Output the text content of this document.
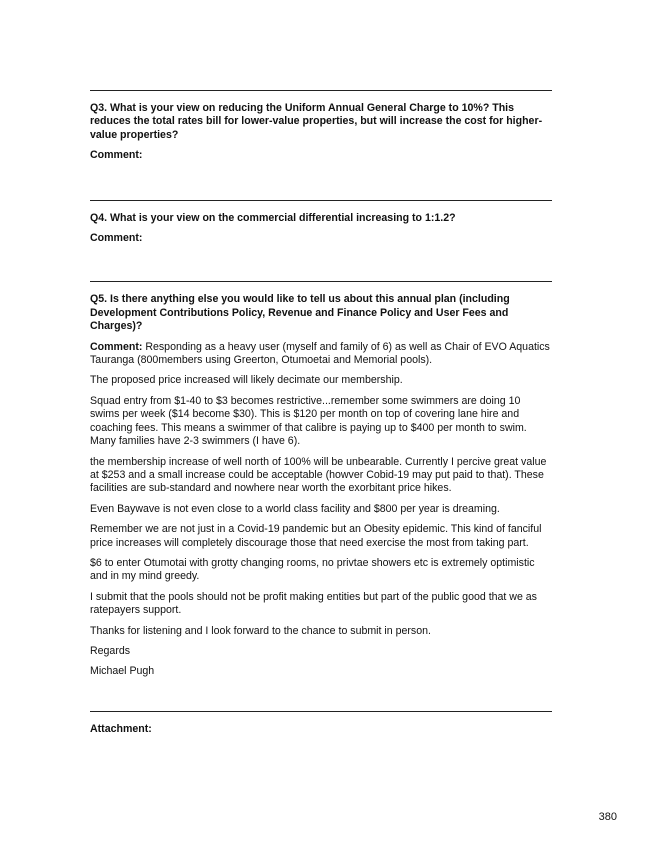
Q3. What is your view on reducing the Uniform Annual General Charge to 10%? This reduces the total rates bill for lower-value properties, but will increase the cost for higher-value properties?
Comment:
Q4. What is your view on the commercial differential increasing to 1:1.2?
Comment:
Q5. Is there anything else you would like to tell us about this annual plan (including Development Contributions Policy, Revenue and Finance Policy and User Fees and Charges)?
Comment: Responding as a heavy user (myself and family of 6) as well as Chair of EVO Aquatics Tauranga (800members using Greerton, Otumoetai and Memorial pools).
The proposed price increased will likely decimate our membership.
Squad entry from $1-40 to $3 becomes restrictive...remember some swimmers are doing 10 swims per week ($14 become $30). This is $120 per month on top of covering lane hire and coaching fees. This means a swimmer of that calibre is paying up to $400 per month to swim. Many families have 2-3 swimmers (I have 6).
the membership increase of well north of 100% will be unbearable. Currently I percive great value at $253 and a small increase could be acceptable (howver Cobid-19 may put paid to that). These facilities are sub-standard and nowhere near worth the exorbitant price hikes.
Even Baywave is not even close to a world class facility and $800 per year is dreaming.
Remember we are not just in a Covid-19 pandemic but an Obesity epidemic. This kind of fanciful price increases will completely discourage those that need exercise the most from taking part.
$6 to enter Otumotai with grotty changing rooms, no privtae showers etc is extremely optimistic and in my mind greedy.
I submit that the pools should not be profit making entities but part of the public good that we as ratepayers support.
Thanks for listening and I look forward to the chance to submit in person.
Regards
Michael Pugh
Attachment:
380
